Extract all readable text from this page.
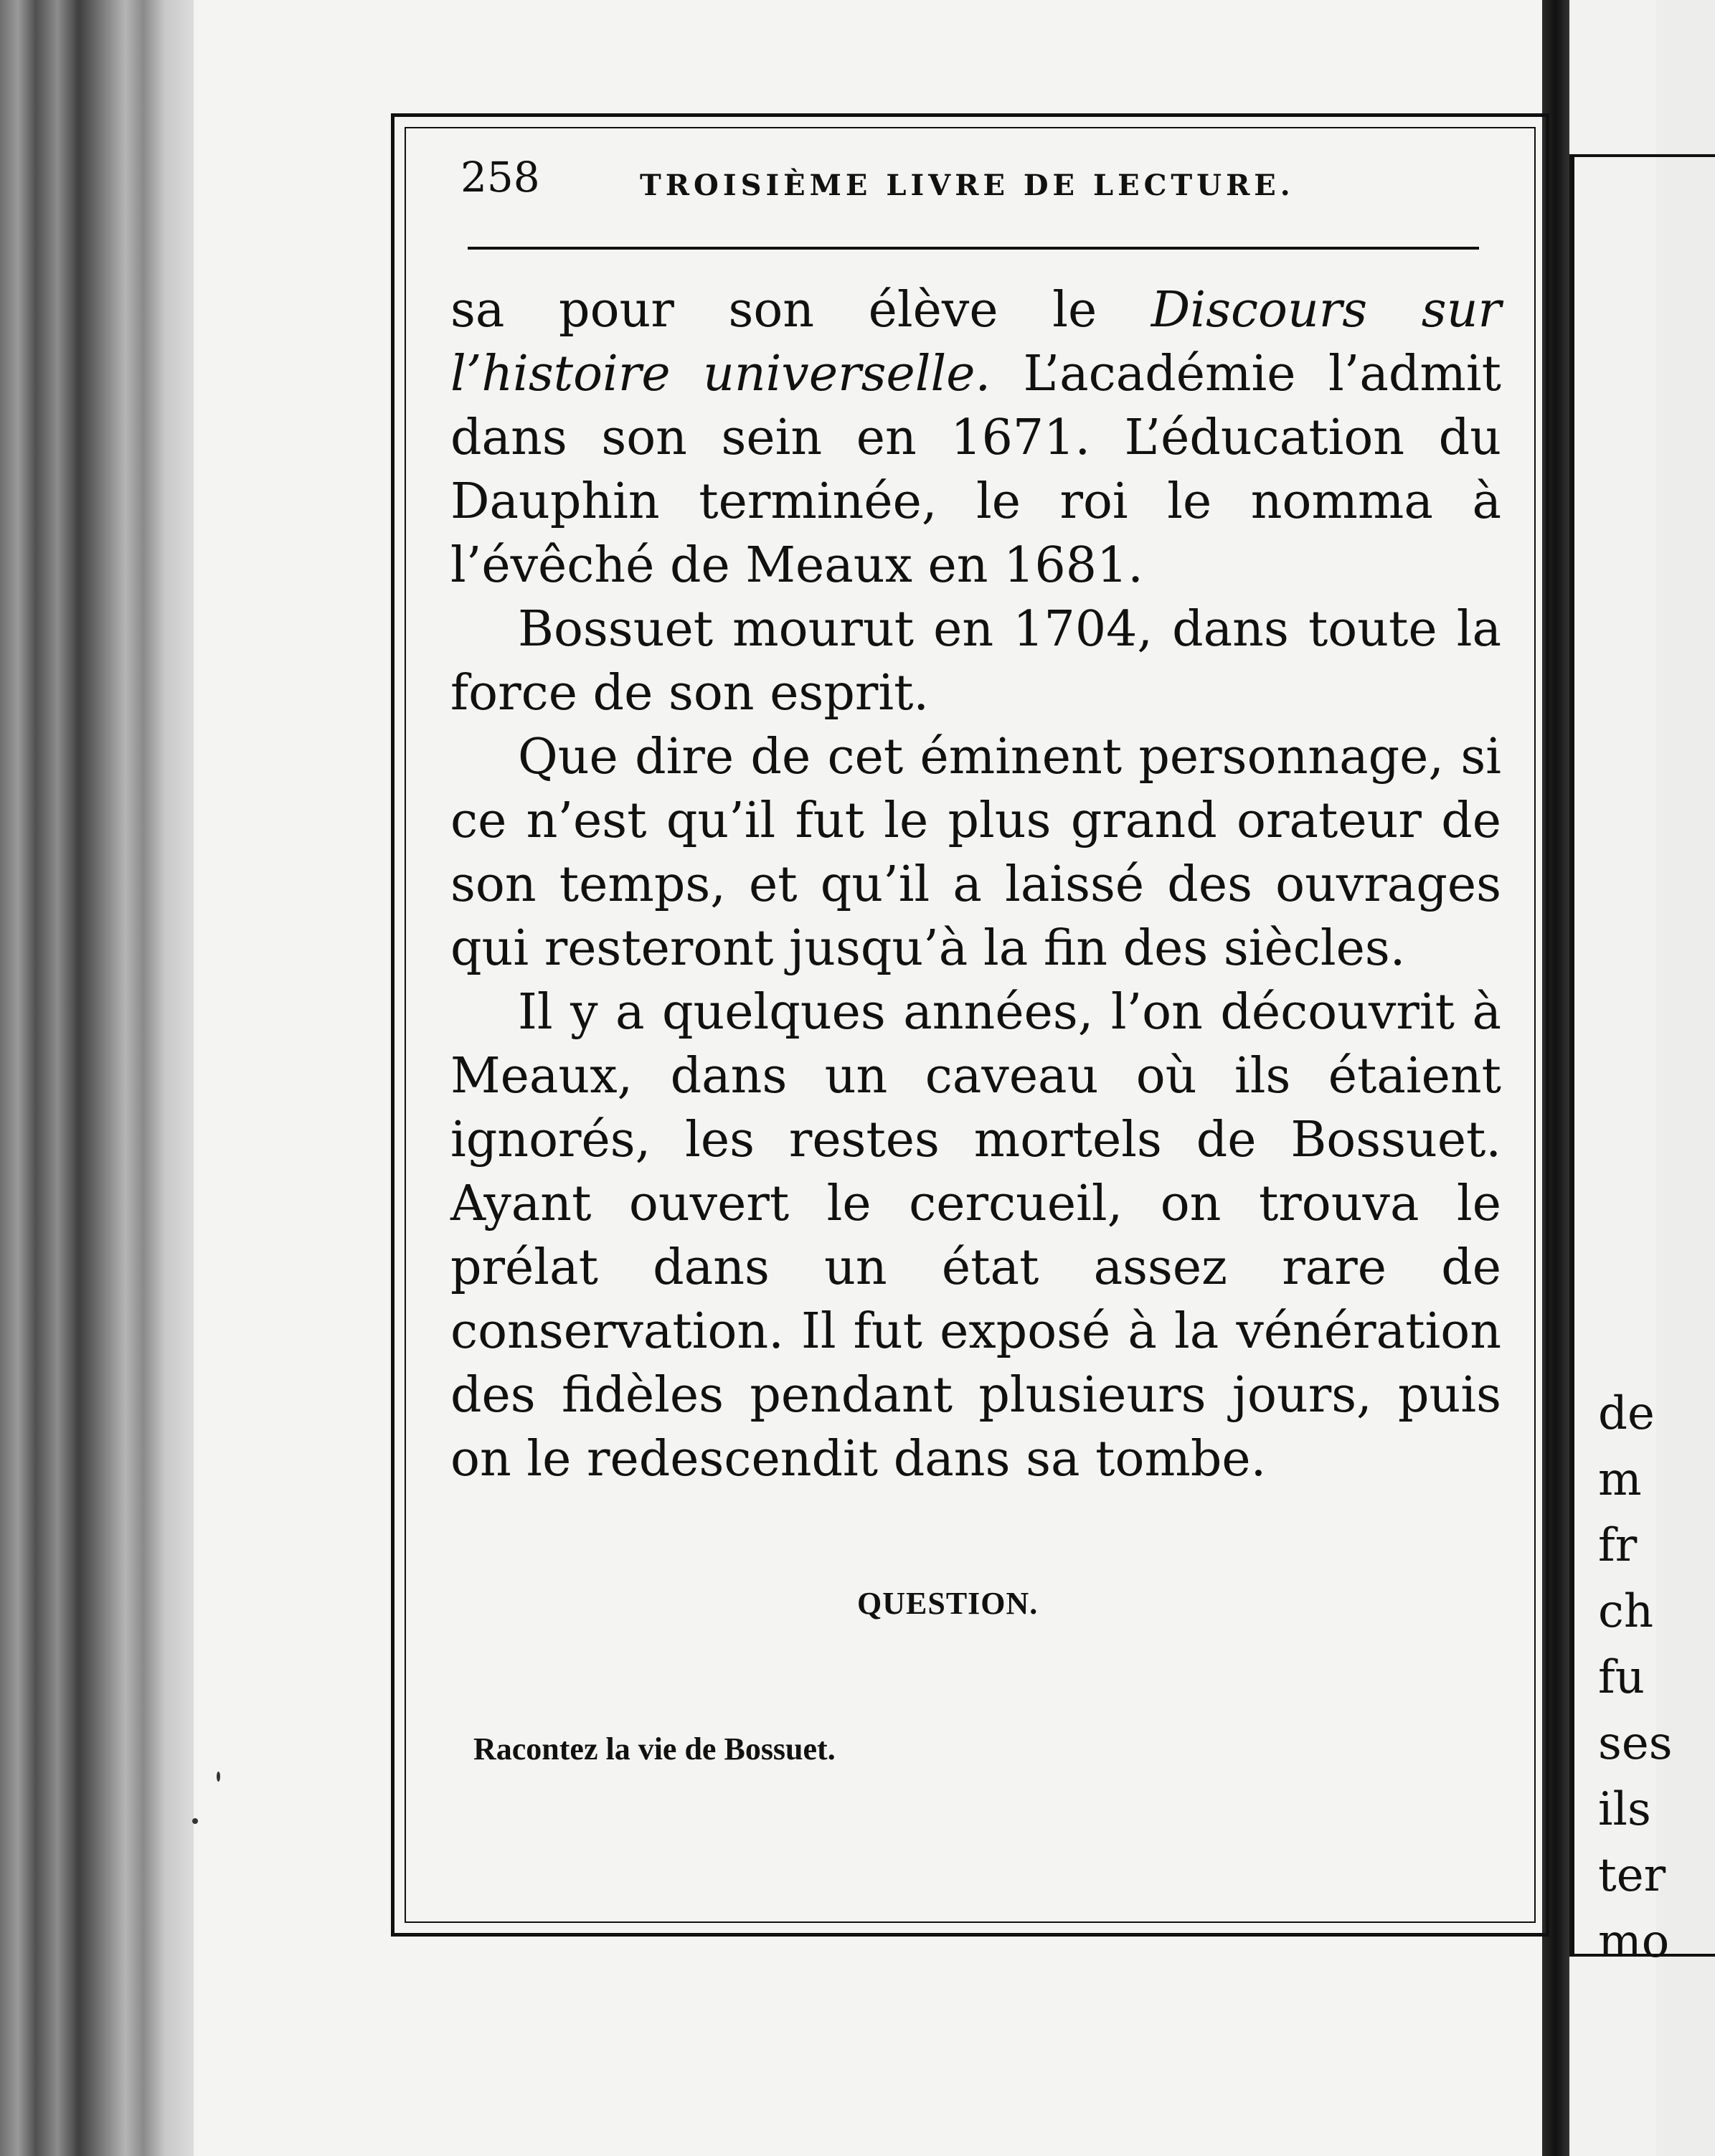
de
m
fr
ch
fu
ses
ils
ter
mo
258	TROISIÈME LIVRE DE LECTURE.

sa pour son élève le Discours sur l’histoire universelle. L’académie l’admit dans son sein en 1671. L’éducation du Dauphin terminée, le roi le nomma à l’évêché de Meaux en 1681.

Bossuet mourut en 1704, dans toute la force de son esprit.

Que dire de cet éminent personnage, si ce n’est qu’il fut le plus grand orateur de son temps, et qu’il a laissé des ouvrages qui resteront jusqu’à la fin des siècles.

Il y a quelques années, l’on découvrit à Meaux, dans un caveau où ils étaient ignorés, les restes mortels de Bossuet. Ayant ouvert le cercueil, on trouva le prélat dans un état assez rare de conservation. Il fut exposé à la vénération des fidèles pendant plusieurs jours, puis on le redescendit dans sa tombe.

QUESTION.
Racontez la vie de Bossuet.
